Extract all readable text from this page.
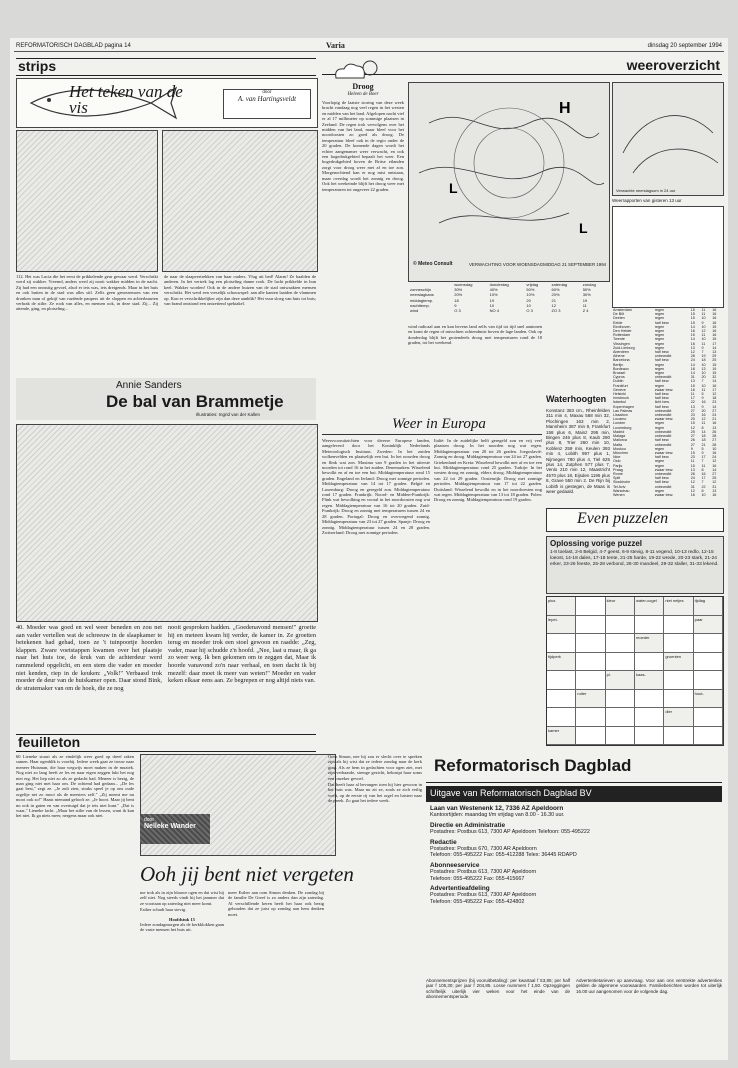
REFORMATORISCH DAGBLAD pagina 14	Varia	dinsdag 20 september 1994
strips
Het teken van de vis
door
A. van Hartingsveldt
112. Het was Lucia die het eerst de prikkelende geur gewaar werd. Verschrikt werd zij wakker. Vreemd, anders werd zij nooit wakker midden in de nacht. Zij had een onrustig gevoel, alsof er iets was, iets dreigends. Maar in het huis en ook buiten in de stad was alles stil. Zelfs geen geroezemoes van een dronken man of gekijf van ruziënde paupers uit de sloppen en achterbuurten verbrak de stilte. Ze rook van alles, en mensen ook, in deze stad. Zij... Zij attende, ging, en plotseling...
de naar de slaapvertrekken van haar ouders. Vlug uit bed! Alarm! Ze haalden de anderen. In het vertrek lag een plotseling dunne rook. De lucht prikkelde in hun keel. Wakker worden! Ook in de andere huizen van de stad ontwaakten mensen verschrikt. Het werd een vreselijk schouwspel: aan alle kanten laaiden de vlammen op. Kon er verschrikkelijker zijn dan deze aanblik? Het vuur sloeg van huis tot huis; van brand ontstond een ontzettend spektakel.
Annie Sanders
De bal van Brammetje
Illustraties: Ingrid van der Kallen
40. Moeder was goed en wel weer beneden en zou net aan vader vertellen wat de schreeuw in de slaapkamer te betekenen had gehad, toen ze 't tuinpoortje hoorden klappen. Zware voetstappen kwamen over het plaatsje naar het huis toe, de kruk van de achterdeur werd rammelend opgelicht, en een stem die vader en moeder niet kenden, riep in de keuken: „Volk!" Verbaasd trok moeder de deur van de huiskamer open. Daar stond Bink, de stratemaker van om de hoek, die ze nog
nooit gesproken hadden. „Goedenavond mensen!" groette hij en meteen kwam hij verder, de kamer in. Ze groetten terug en moeder trok een stoel gewoon en raadde: „Zeg, vader, maar hij schudde z'n hoofd. „Nee, laat u maar, ik ga zo weer weg. Ik ben gekomen om te zeggen dat, Maar ik hoorde vanavond zo'n naar verhaal, en toen dacht ik bij mezelf: daar moet ik meer van weten!" Moeder en vader keken elkaar eens aan. Ze begrepen er nog altijd niets van.
feuilleton
60 Lieneke stuurt als ze eindelijk weer goed op dreef raken samen. Haar ogenblik is voorbij. Iedere week gaat ze trouw naar meneer Huisman, die haar wegwijs moet maken in de muziek. Nog niet zo lang heeft ze les en naar eigen zeggen lukt het nog niet erg. Het liep niet zo als ze gedacht had. Meneer is bezig, de man ging niet met haar om. De ochtend had gedaan... „De les gaat best," zegt ze. „Je zult zien, straks speel je op ons oude orgeltje net zo mooi als de meesters zelf." „Zij noemt me nu mooi ook zo!" Haast niemand gelooft ze. „Je hoort. Maar jij bent nu ook in gaten en van overtuigd dat je iets niet kunt." „Dat is waar," Lieneke lacht. „Maar het stilte van de lessen, want ik kan het niet. Ik ga niets meer, nergens maar ook niet.
door
Nelleke Wander
Ooh jij bent niet vergeten

me trok als in zijn blauwe ogen en dat wist hij zelf niet. Nog steeds vindt hij het jammer dat ze voortaan op zaterdag niet meer komt.

Esther schudt haar stevig.

Hoofdstuk 15

Iedere zondagmorgen als de kerkklokken gaan de vaste mensen het huis uit.

meer Esther aan oom Simon denken. De zondag bij de familie De Greef is zo anders dan zijn zaterdag. Al verschillende keren heeft het haar ook bezig gehouden dat ze juist op zondag aan hem denken moet.

weeroverzicht
Droog
Heleen de Boer
Voorlopig de laatste storing van deze week bracht vandaag nog veel regen in het westen en midden van het land. Afgelopen nacht viel er al 17 millimeter op sommige plaatsen in Zeeland. De regen trok vervolgens over het midden van het land, maar bleef voor het noordoosten zo goed als droog. De temperatuur bleef ook in de regio onder de 20 graden. De komende dagen wordt het echter aangenamer weer verwacht, en ook een hogedrukgebied bepaalt het weer. Een hogedrukgebied boven de Britse eilanden zorgt voor droog weer met af en toe zon. Morgenochtend kan er nog mist ontstaan, maar overdag wordt het zonnig en droog. Ook het weekeinde blijft het droog weer met temperaturen tot ongeveer 22 graden.
H
L
L
© Meteo Consult	VERWACHTING VOOR WOENSDAGMIDDAG 21 SEPTEMBER 1994
	woensdag	donderdag	vrijdag	zaterdag	zondag
zonneschijn	30%	40%	50%	60%	50%
neerslagkans	20%	10%	10%	20%	30%
middagtemp.	18	19	20	21	19
nachttemp.	9	10	10	12	11
wind	O 3	NO 4	O 3	ZO 3	Z 4
Verwachte neerslagsom in 24 uur
Weerrapporten van gisteren 13 uur
Amsterdam	regen	15	11	16
De Bilt	regen	15	11	16
Deelen	regen	15	10	16
Eelde	half bew.	15	9	16
Eindhoven	regen	14	10	15
Den Helder	regen	16	12	16
Rotterdam	regen	15	11	16
Twente	regen	14	10	15
Vlissingen	regen	16	11	17
Zuid-Limburg	regen	13	9	14
Aberdeen	half bew.	12	7	13
Athene	onbewolkt	28	19	29
Barcelona	half bew.	24	18	25
Berlijn	regen	14	10	15
Bordeaux	regen	18	13	19
Brussel	regen	14	10	15
Cyprus	onbewolkt	31	20	32
Dublin	half bew.	13	7	14
Frankfurt	regen	15	10	16
Genève	zwaar bew.	16	11	17
Helsinki	half bew.	11	5	12
Innsbruck	half bew.	17	9	18
Istanbul	licht bew.	22	16	23
Kopenhagen	half bew.	13	9	14
Las Palmas	onbewolkt	27	20	27
Lissabon	onbewolkt	23	16	24
Locarno	zwaar bew.	20	12	21
Londen	regen	15	11	16
Luxemburg	regen	12	8	13
Madrid	onbewolkt	25	14	26
Malaga	onbewolkt	27	18	28
Mallorca	half bew.	26	18	27
Malta	onbewolkt	27	21	28
Moskou	regen	9	5	10
München	zwaar bew.	15	9	16
Nice	half bew.	23	17	24
Oslo	regen	11	7	12
Parijs	regen	15	11	16
Praag	zwaar bew.	13	8	14
Rome	onbewolkt	26	16	27
Split	half bew.	24	17	25
Stockholm	half bew.	12	7	12
Tel Aviv	onbewolkt	31	22	31
Warschau	regen	12	8	13
Wenen	zwaar bew.	16	10	16
Waterhoogten
Konstanz 383 cm., Rheinfelden 311 min 4, Maxau 568 min 32, Plochingen 163 min 2, Mannheim 387 min 9, Frankfurt 158 plus 6, Mainz 295 min, Bingen 246 plus 8, Kaub 280 plus 8, Trier 260 min 10, Koblenz 259 min, Keulen 393 min 4, Lobith 997 plus 1, Nijmegen 780 plus 4, Tiel 625 plus 14, Zutphen 577 plus 7, Venlo 210 min 12, Maastricht 4570 plus 18, Eijsden 1195 plus 8, Grave 550 min 2. De Rijn bij Lobith is gestegen, de Maas is weer gedaald.

wind radicaal aan en kan hevens land zelfs van tijd tot tijd snel aantonen en komt de regen of misschien ochtendmist boven de lage landen. Ook op donderdag blijft het grotendeels droog met temperaturen rond de 18 graden, tot het weekend.

Weer in Europa
Weersvooruitzichten voor diverse Europese landen, aangeleverd door het Koninklijk Nederlands Meteorologisch Instituut. Zweden: In het zuiden wolkenvelden en plaatselijk een bui. In het noorden droog en flink wat zon. Maxima van 9 graden in het uiterste noorden tot rond 16 in het zuiden. Denemarken: Wisselend bewolkt en af en toe een bui. Middagtemperatuur rond 15 graden. Engeland en Ierland: Droog met zonnige perioden. Middagtemperatuur van 14 tot 17 graden. België en Luxemburg: Droog en geregeld zon. Middagtemperatuur rond 17 graden. Frankrijk: Noord- en Midden-Frankrijk: Flink wat bewolking en vooral in het noordoosten nog wat regen. Middagtemperatuur van 16 tot 20 graden. Zuid-Frankrijk: Droog en zonnig met temperaturen tussen 24 en 28 graden. Portugal: Droog en overwegend zonnig. Middagtemperatuur van 23 tot 27 graden. Spanje: Droog en zonnig. Middagtemperatuur tussen 24 en 28 graden. Zwitserland: Droog met zonnige perioden.
Italië: In de zuidelijke helft geregeld zon en vrij veel plaatsen droog. In het noorden nog wat regen. Middagtemperatuur van 20 tot 26 graden. Joegoslavië: Zonnig en droog. Middagtemperatuur van 24 tot 27 graden. Griekenland en Kreta: Wisselend bewolkt met af en toe een bui. Middagtemperatuur rond 25 graden. Turkije: In het westen droog en zonnig, elders droog. Middagtemperatuur van 22 tot 29 graden. Oostenrijk: Droog met zonnige perioden. Middagtemperatuur van 17 tot 22 graden. Duitsland: Wisselend bewolkt en in het noordwesten nog wat regen. Middagtemperatuur van 13 tot 18 graden. Polen: Droog en zonnig. Middagtemperatuur rond 19 graden.
Even puzzelen
Oplossing vorige puzzel
1-8 toelast, 2-6 Belgid, 4-7 geest, 6-9 stevig, 8-11 vegend, 10-13 redlo, 12-15 loeost, 14-18 dales, 17-18 tente, 21-25 harde, 19-22 wrede, 20-23 stark, 21-24 erker, 23-26 feeste, 25-28 verbond, 26-30 mandeel, 29-32 slaller, 31-33 lekend.
plus	kleur	water-vogel	niet netjes	tijdlag
lepel-	paar
moeder
tijdperk	groenten
pl.	kaas-
ruiter	hout-
dier
kamer
Reformatorisch Dagblad
Uitgave van Reformatorisch Dagblad BV
Laan van Westenenk 12, 7336 AZ Apeldoorn
Kantoortijden: maandag t/m vrijdag van 8.00 - 16.30 uur.
Directie en Administratie
Postadres: Postbus 613, 7300 AP Apeldoorn Telefoon: 055-495222
Redactie
Postadres: Postbus 670, 7300 AR Apeldoorn
Telefoon: 055-495222 Fax: 055-412288 Telex: 36445 RDAPD
Abonneeservice
Postadres: Postbus 613, 7300 AP Apeldoorn
Telefoon: 055-495222 Fax: 055-415667
Advertentieafdeling
Postadres: Postbus 613, 7300 AP Apeldoorn
Telefoon: 055-495222 Fax: 055-424802
Abonnementsprijzen (bij vooruitbetaling): per kwartaal f 53,85; per half jaar f 105,30; per jaar f 204,85. Losse nummers f 1,50. Opzeggingen schriftelijk uiterlijk vier weken voor het einde van de abonnementsperiode.
Advertentietarieven op aanvraag. Voor aan ons verstrekte advertenties gelden de algemene voorwaarden. Familieberichten worden tot uiterlijk 16.00 uur aangenomen voor de volgende dag.

Oom Simon, nee hij zou er slecht over te spreken zijn als hij wist dat ze iedere zondag naar de kerk ging. Als ze hem in gedachten voor ogen ziet, met zijn verbaasde, strenge gezicht, bekruipt haar soms een onzeker gevoel.

Dat heeft haar al bevangen toen hij hier gewoon in het huis was. Maar nu zit ze, zoals ze zich veilig voelt, op de eerste rij van het orgel en luistert naar de preek. Zo gaat het iedere week.
